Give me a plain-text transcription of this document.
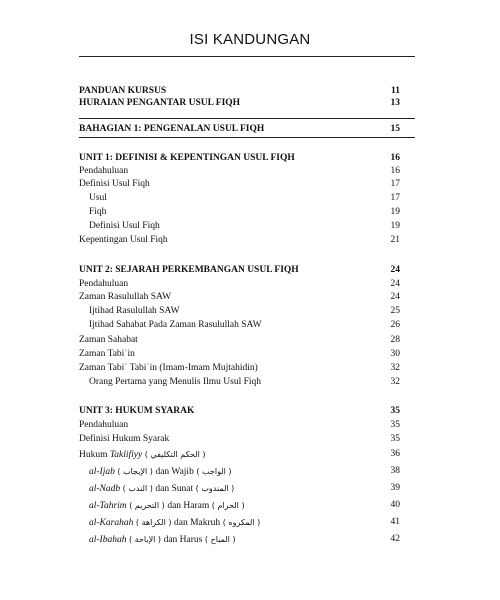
ISI KANDUNGAN
PANDUAN KURSUS	11
HURAIAN PENGANTAR USUL FIQH	13
BAHAGIAN 1: PENGENALAN USUL FIQH	15
UNIT 1: DEFINISI & KEPENTINGAN USUL FIQH	16
Pendahuluan	16
Definisi Usul Fiqh	17
Usul	17
Fiqh	19
Definisi Usul Fiqh	19
Kepentingan Usul Fiqh	21
UNIT 2: SEJARAH PERKEMBANGAN USUL FIQH	24
Pendahuluan	24
Zaman Rasulullah SAW	24
Ijtihad Rasulullah SAW	25
Ijtihad Sahabat Pada Zaman Rasulullah SAW	26
Zaman Sahabat	28
Zaman Tabiʿin	30
Zaman Tabiʿ Tabiʿin (Imam-Imam Mujtahidin)	32
Orang Pertama yang Menulis Ilmu Usul Fiqh	32
UNIT 3: HUKUM SYARAK	35
Pendahuluan	35
Definisi Hukum Syarak	35
Hukum Taklifiyy ( الحكم التكليفي )	36
al-Ijab ( الإيجاب ) dan Wajib ( الواجب )	38
al-Nadb ( الندب ) dan Sunat ( المندوب )	39
al-Tahrim ( التحريم ) dan Haram ( الحرام )	40
al-Karahah ( الكراهة ) dan Makruh ( المكروه )	41
al-Ibahah ( الإباحة ) dan Harus ( المباح )	42
